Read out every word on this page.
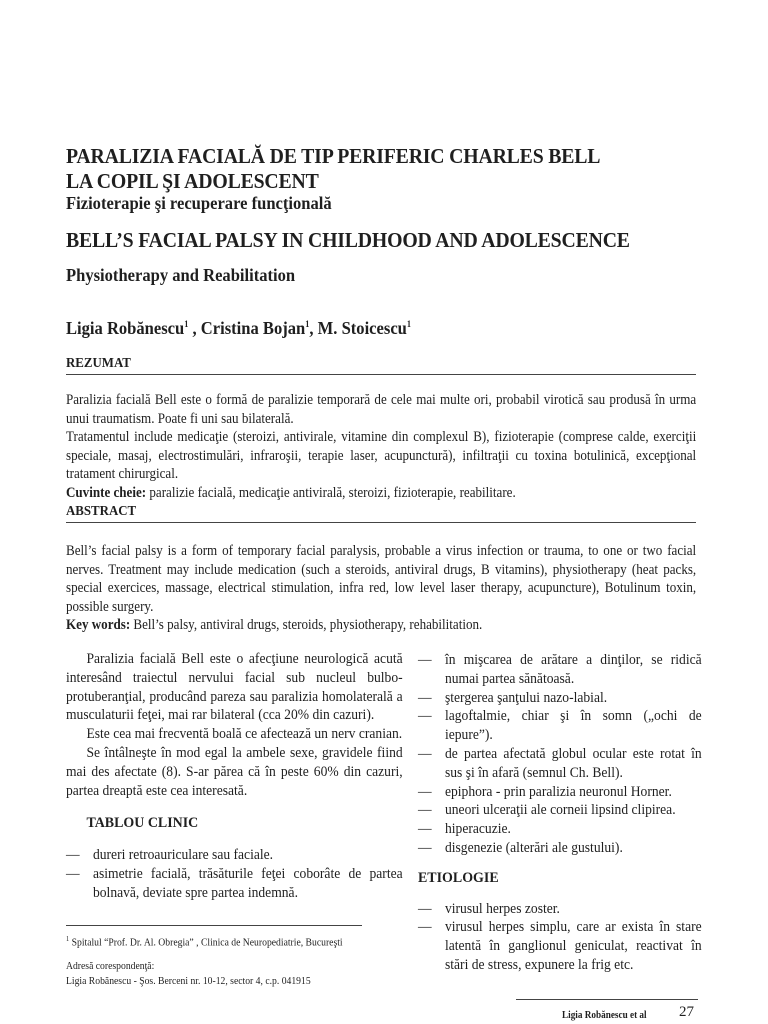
PARALIZIA FACIALĂ DE TIP PERIFERIC CHARLES BELL
LA COPIL ŞI ADOLESCENT
Fizioterapie şi recuperare funcţională
BELL’S FACIAL PALSY IN CHILDHOOD AND ADOLESCENCE
Physiotherapy and Reabilitation
Ligia Robănescu$^1$ , Cristina Bojan$^1$, M. Stoicescu$^1$
REZUMAT
Paralizia facială Bell este o formă de paralizie temporară de cele mai multe ori, probabil virotică sau produsă în urma unui traumatism. Poate fi uni sau bilaterală.
Tratamentul include medicaţie (steroizi, antivirale, vitamine din complexul B), fizioterapie (comprese calde, exerciţii speciale, masaj, electrostimulări, infraroşii, terapie laser, acupunctură), infiltraţii cu toxina botulinică, excepţional tratament chirurgical.
Cuvinte cheie: paralizie facială, medicaţie antivirală, steroizi, fizioterapie, reabilitare.
ABSTRACT
Bell’s facial palsy is a form of temporary facial paralysis, probable a virus infection or trauma, to one or two facial nerves. Treatment may include medication (such a steroids, antiviral drugs, B vitamins), physiotherapy (heat packs, special exercices, massage, electrical stimulation, infra red, low level laser therapy, acupuncture), Botulinum toxin, possible surgery.
Key words: Bell’s palsy, antiviral drugs, steroids, physiotherapy, rehabilitation.

Paralizia facială Bell este o afecţiune neurologică acută interesând traiectul nervului facial sub nucleul bulbo-protuberanţial, producând pareza sau paralizia homolaterală a musculaturii feţei, mai rar bilateral (cca 20% din cazuri).

Este cea mai frecventă boală ce afectează un nerv cranian.

Se întâlneşte în mod egal la ambele sexe, gravidele fiind mai des afectate (8). S-ar părea că în peste 60% din cazuri, partea dreaptă este cea interesată.

TABLOU CLINIC
— dureri retroauriculare sau faciale.
— asimetrie facială, trăsăturile feţei coborâte de partea bolnavă, deviate spre partea indemnă.
— în mişcarea de arătare a dinţilor, se ridică numai partea sănătoasă.
— ştergerea şanţului nazo-labial.
— lagoftalmie, chiar şi în somn („ochi de iepure”).
— de partea afectată globul ocular este rotat în sus şi în afară (semnul Ch. Bell).
— epiphora - prin paralizia neuronul Horner.
— uneori ulceraţii ale corneii lipsind clipirea.
— hiperacuzie.
— disgenezie (alterări ale gustului).
ETIOLOGIE
— virusul herpes zoster.
— virusul herpes simplu, care ar exista în stare latentă în ganglionul geniculat, reactivat în stări de stress, expunere la frig etc.
$^1$ Spitalul “Prof. Dr. Al. Obregia” , Clinica de Neuropediatrie, Bucureşti
Adresă corespondenţă:
Ligia Robănescu - Şos. Berceni nr. 10-12, sector 4, c.p. 041915
Ligia Robănescu et al 27
